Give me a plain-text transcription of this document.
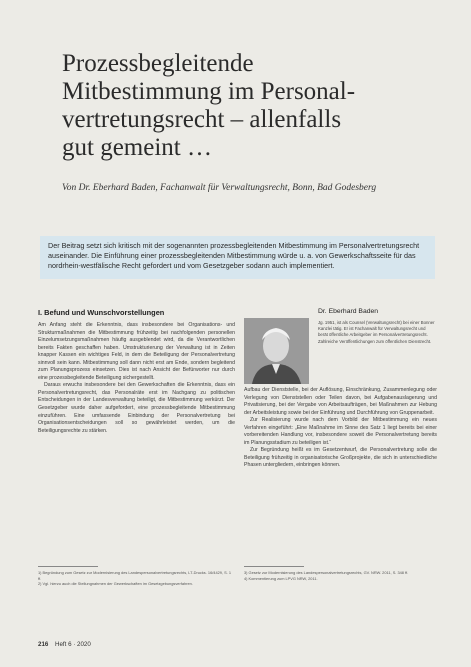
Prozessbegleitende
Mitbestimmung im Personal-
vertretungsrecht – allenfalls
gut gemeint …
Von Dr. Eberhard Baden, Fachanwalt für Verwaltungsrecht, Bonn, Bad Godesberg
Der Beitrag setzt sich kritisch mit der sogenannten prozessbegleitenden Mitbestimmung im Personalvertretungsrecht auseinander. Die Einführung einer prozessbegleitenden Mitbestimmung würde u. a. von Gewerkschaftsseite für das nordrhein-westfälische Recht gefordert und vom Gesetzgeber sodann auch implementiert.
I. Befund und Wunschvorstellungen

Am Anfang steht die Erkenntnis, dass insbesondere bei Organisations- und Strukturmaßnahmen die Mitbestimmung frühzeitig bei nachfolgenden personellen Einzelumsetzungsmaßnahmen häufig ausgeblendet wird, da die Verantwortlichen bereits Fakten geschaffen haben. Umstrukturierung der Verwaltung ist in Zeiten knapper Kassen ein wichtiges Feld, in dem die Beteiligung der Personalvertretung sinnvoll sein kann. Mitbestimmung soll dann nicht erst am Ende, sondern begleitend zum Planungsprozess einsetzen. Dies ist nach Ansicht der Befürworter nur durch eine prozessbegleitende Beteiligung sichergestellt.

Daraus erwuchs insbesondere bei den Gewerkschaften die Erkenntnis, dass ein Personalvertretungsrecht, das Personalräte erst im Nachgang zu politischen Entscheidungen in der Landesverwaltung beteiligt, die Mitbestimmung verkürzt. Der Gesetzgeber wurde daher aufgefordert, eine prozessbegleitende Mitbestimmung einzuführen. Eine umfassende Einbindung der Personalvertretung bei Organisationsentscheidungen soll so gewährleistet werden, um die Beteiligungsrechte zu stärken.

Dr. Eberhard Baden
Jg. 1951, ist als Counsel (Verwaltungsrecht) bei einer Bonner Kanzlei tätig. Er ist Fachanwalt für Verwaltungsrecht und berät öffentliche Arbeitgeber im Personalvertretungsrecht. Zahlreiche Veröffentlichungen zum öffentlichen Dienstrecht.

Aufbau der Dienststelle, bei der Auflösung, Einschränkung, Zusammenlegung oder Verlegung von Dienststellen oder Teilen davon, bei Aufgabenauslagerung und Privatisierung, bei der Vergabe von Arbeitsaufträgen, bei Maßnahmen zur Hebung der Arbeitsleistung sowie bei der Einführung und Durchführung von Gruppenarbeit.

Zur Realisierung wurde nach dem Vorbild der Mitbestimmung ein neues Verfahren eingeführt: „Eine Maßnahme im Sinne des Satz 1 liegt bereits bei einer vorbereitenden Handlung vor, insbesondere soweit die Personalvertretung bereits im Planungsstadium zu beteiligen ist.“

Zur Begründung heißt es im Gesetzentwurf, die Personalvertretung solle die Beteiligung frühzeitig in organisatorische Großprojekte, die sich in unterschiedliche Phasen untergliedern, einbringen können.

1) Begründung zum Gesetz zur Modernisierung des Landespersonalvertretungsrechts, LT-Drucks. 16/4429, S. 1 ff.
2) Vgl. hierzu auch die Stellungnahmen der Gewerkschaften im Gesetzgebungsverfahren.
3) Gesetz zur Modernisierung des Landespersonalvertretungsrechts, GV. NRW. 2011, S. 348 ff.
4) Kommentierung zum LPVG NRW, 2011.
216 Heft 6 · 2020
